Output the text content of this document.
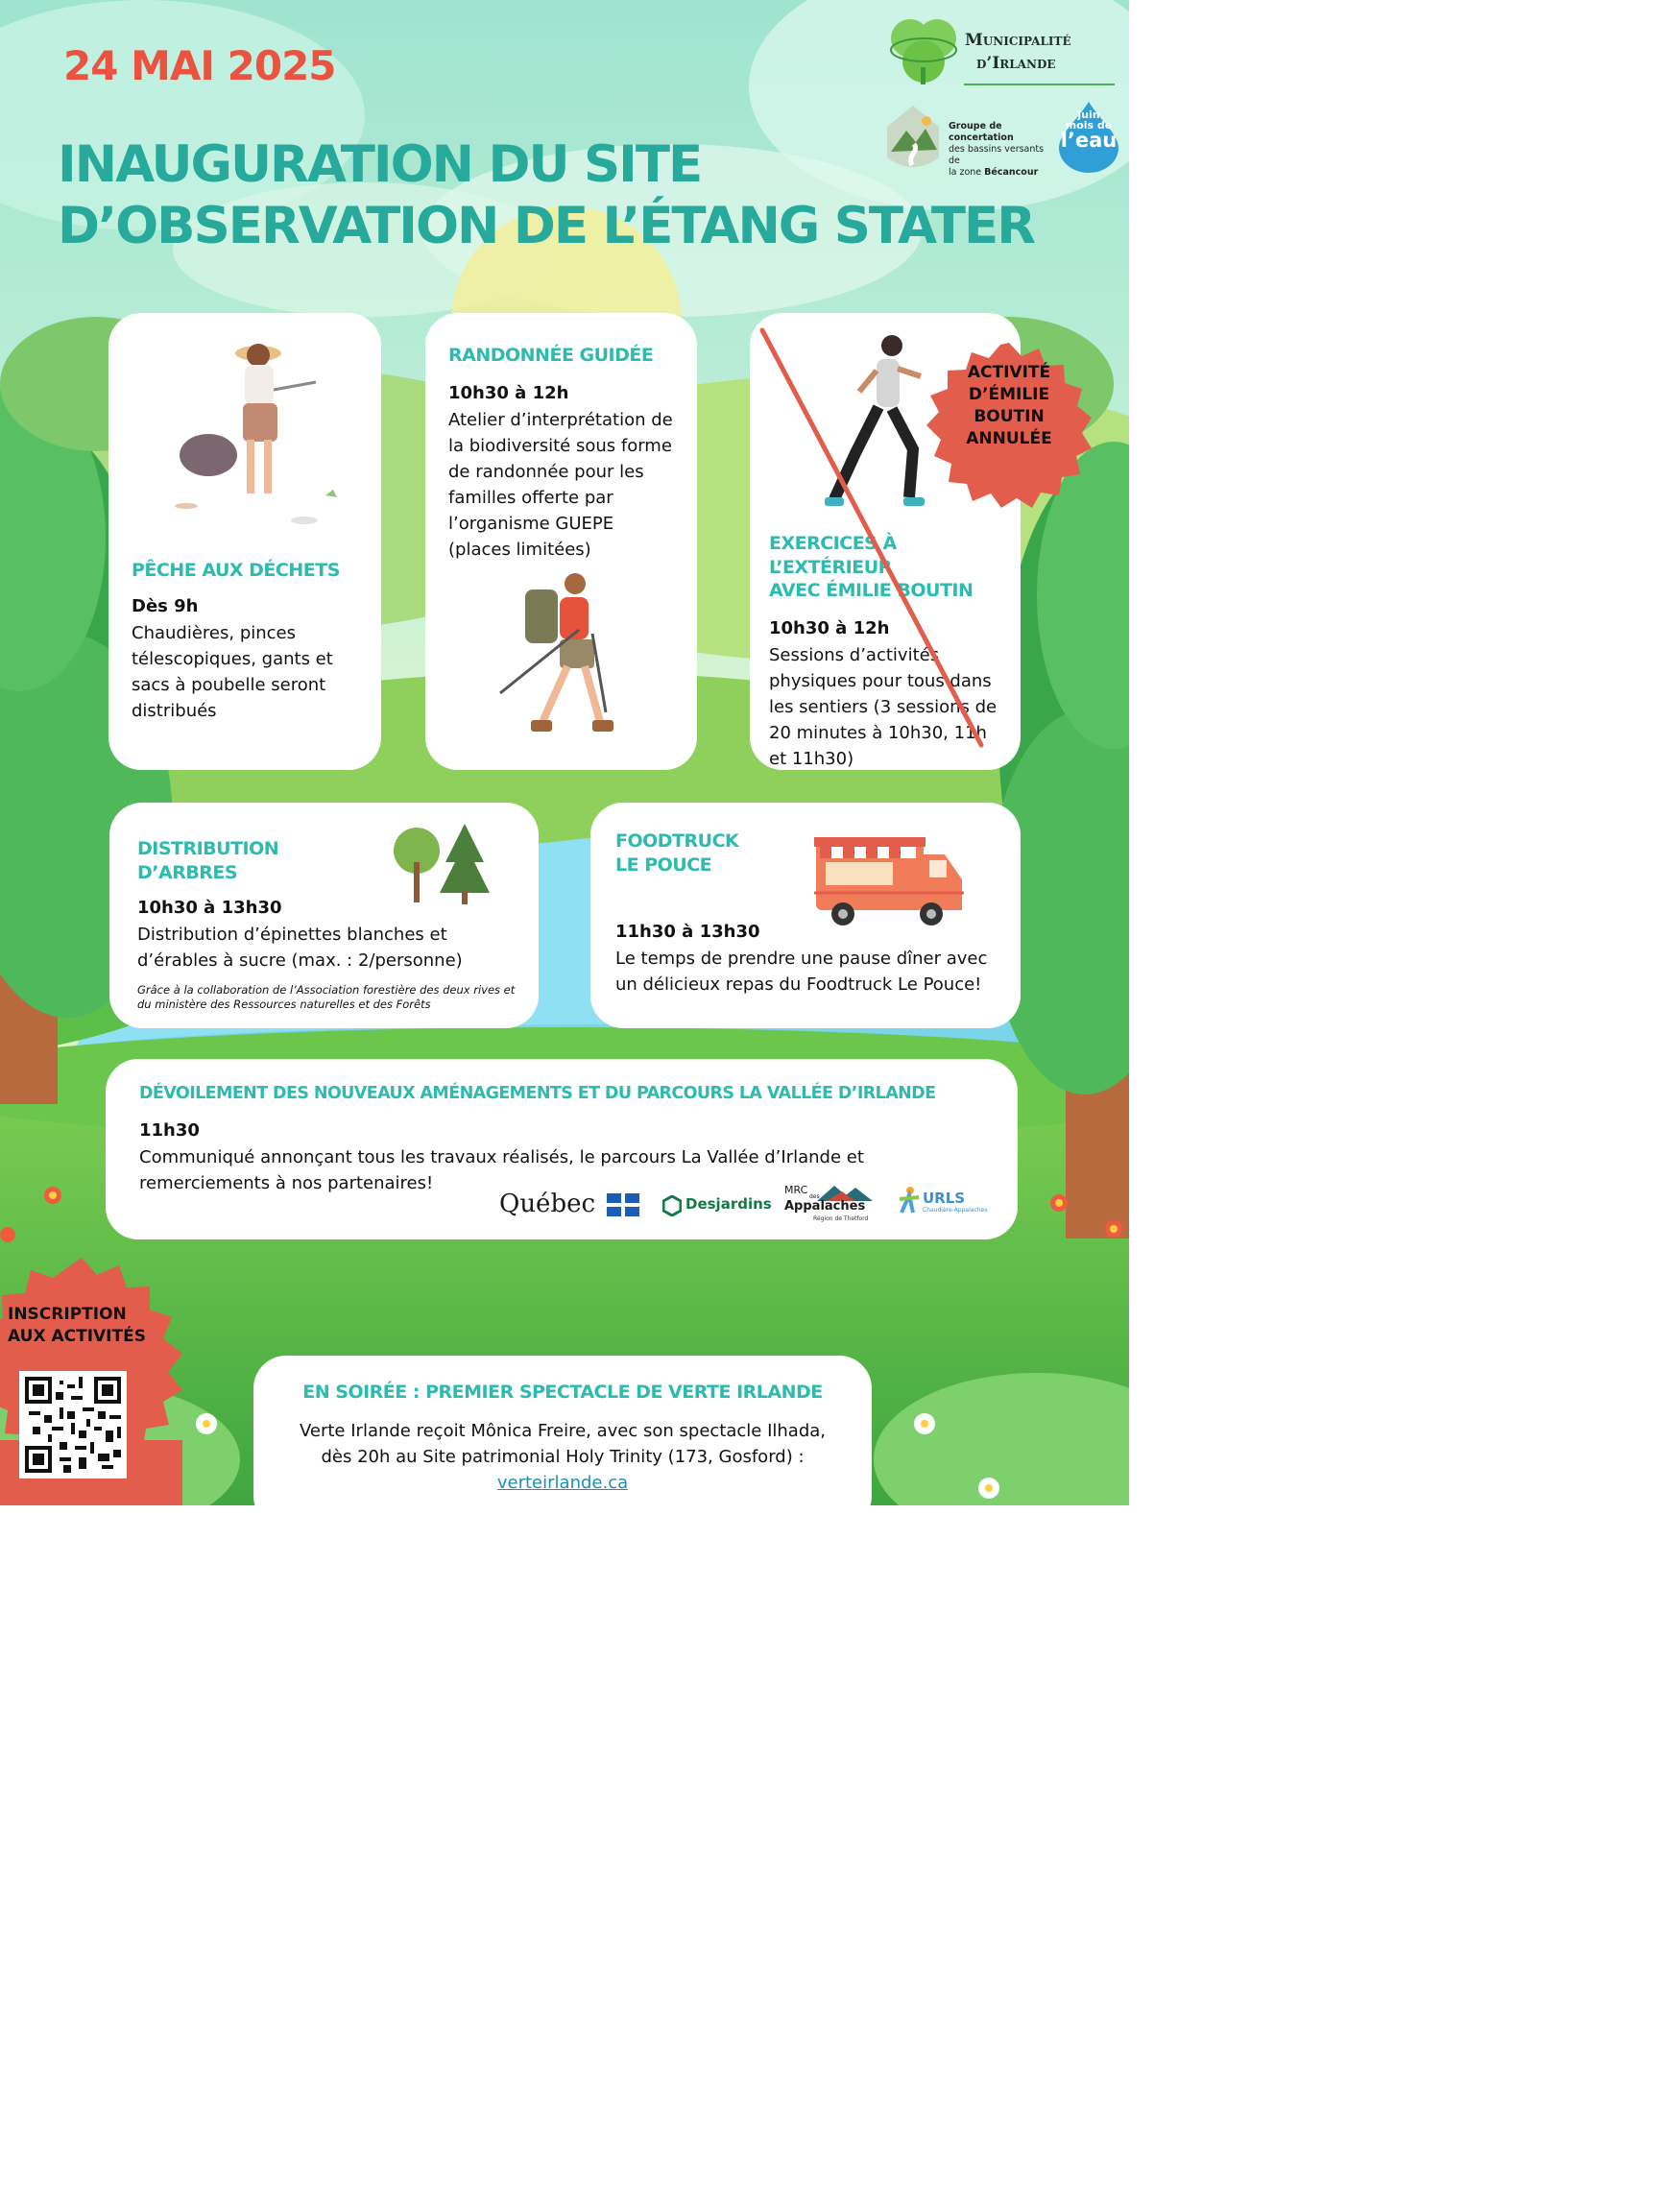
24 MAI 2025
INAUGURATION DU SITE
D’OBSERVATION DE L’ÉTANG STATER
Municipalité
d’Irlande
Groupe de concertation
des bassins versants de
la zone Bécancour
juin
mois de
l’eau
PÊCHE AUX DÉCHETS
Dès 9h

Chaudières, pinces télescopiques, gants et sacs à poubelle seront distribués

RANDONNÉE GUIDÉE
10h30 à 12h

Atelier d’interprétation de la biodiversité sous forme de randonnée pour les familles offerte par l’organisme GUEPE (places limitées)	EXERCICES À L’EXTÉRIEUR
AVEC ÉMILIE BOUTIN
10h30 à 12h

Sessions d’activités physiques pour tous dans les sentiers (3 sessions de 20 minutes à 10h30, 11h et 11h30)

ACTIVITÉ D’ÉMILIE BOUTIN ANNULÉE
DISTRIBUTION
D’ARBRES
10h30 à 13h30

Distribution d’épinettes blanches et d’érables à sucre (max. : 2/personne)

Grâce à la collaboration de l’Association forestière des deux rives et du ministère des Ressources naturelles et des Forêts

FOODTRUCK
LE POUCE
11h30 à 13h30

Le temps de prendre une pause dîner avec un délicieux repas du Foodtruck Le Pouce!

DÉVOILEMENT DES NOUVEAUX AMÉNAGEMENTS ET DU PARCOURS LA VALLÉE D’IRLANDE
11h30

Communiqué annonçant tous les travaux réalisés, le parcours La Vallée d’Irlande et remerciements à nos partenaires!

Québec	Desjardins
MRC
des
Appalaches
Région de Thetford
URLS
Chaudière-Appalaches
INSCRIPTION
AUX ACTIVITÉS
EN SOIRÉE : PREMIER SPECTACLE DE VERTE IRLANDE
Verte Irlande reçoit Mônica Freire, avec son spectacle Ilhada,
dès 20h au Site patrimonial Holy Trinity (173, Gosford) :
verteirlande.ca
